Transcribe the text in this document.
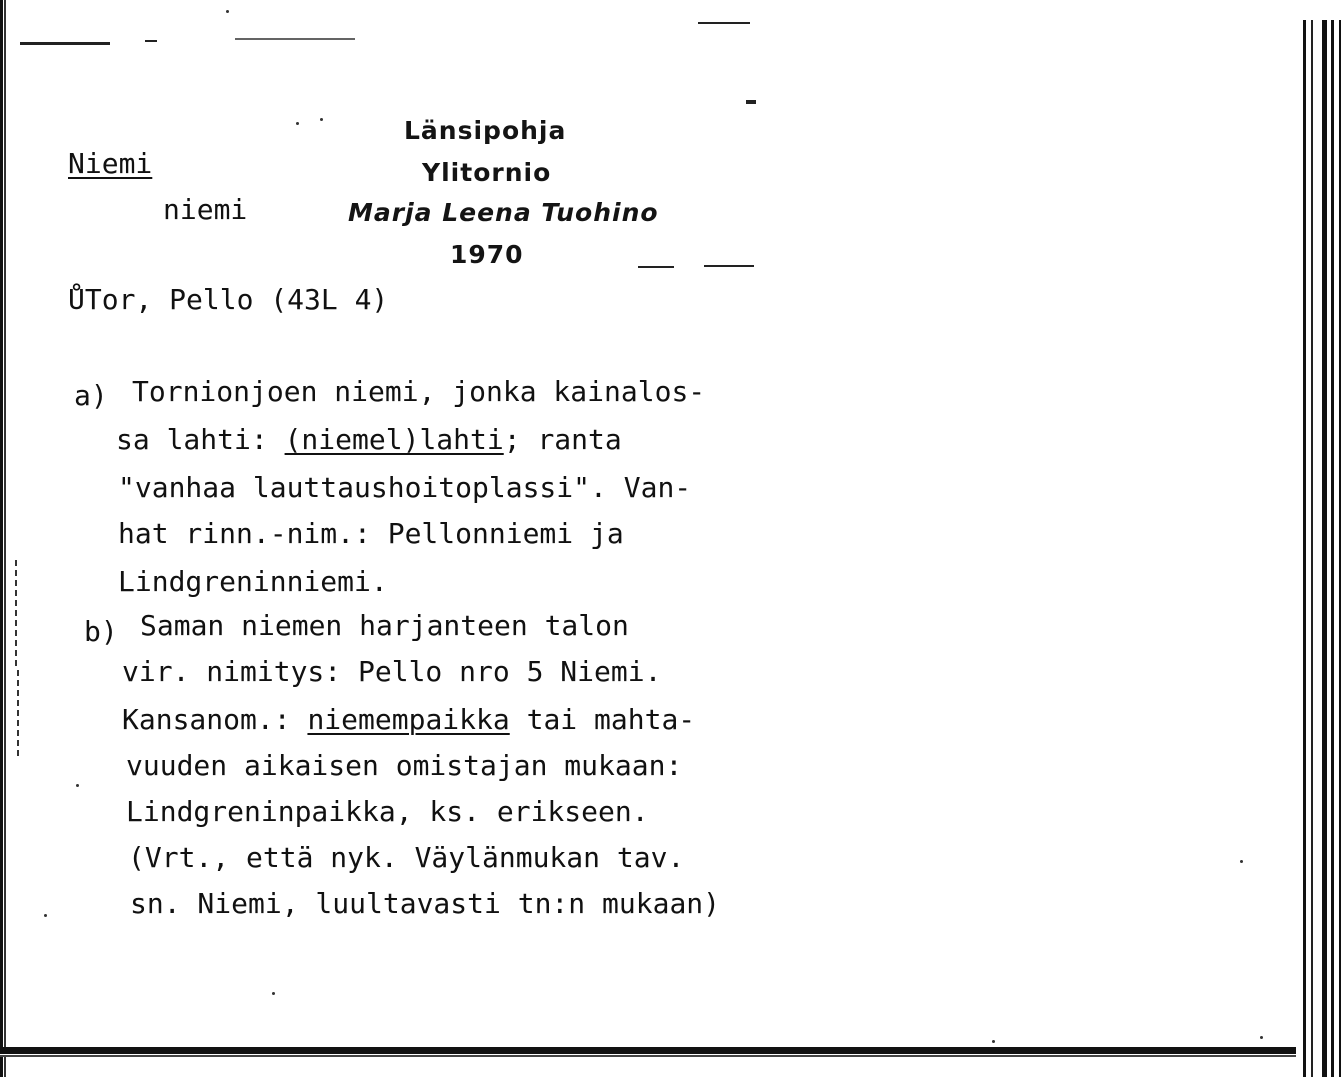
Länsipohja
Ylitornio
Marja Leena Tuohino
1970
Niemi
niemi
ŮTor, Pello (43L 4)
a) Tornionjoen niemi, jonka kainalos-
sa lahti: (niemel)lahti; ranta
"vanhaa lauttaushoitoplassi". Van-
hat rinn.-nim.: Pellonniemi ja
Lindgreninniemi.
b) Saman niemen harjanteen talon
vir. nimitys: Pello nro 5 Niemi.
Kansanom.: niemempaikka tai mahta-
vuuden aikaisen omistajan mukaan:
Lindgreninpaikka, ks. erikseen.
(Vrt., että nyk. Väylänmukan tav.
sn. Niemi, luultavasti tn:n mukaan)
